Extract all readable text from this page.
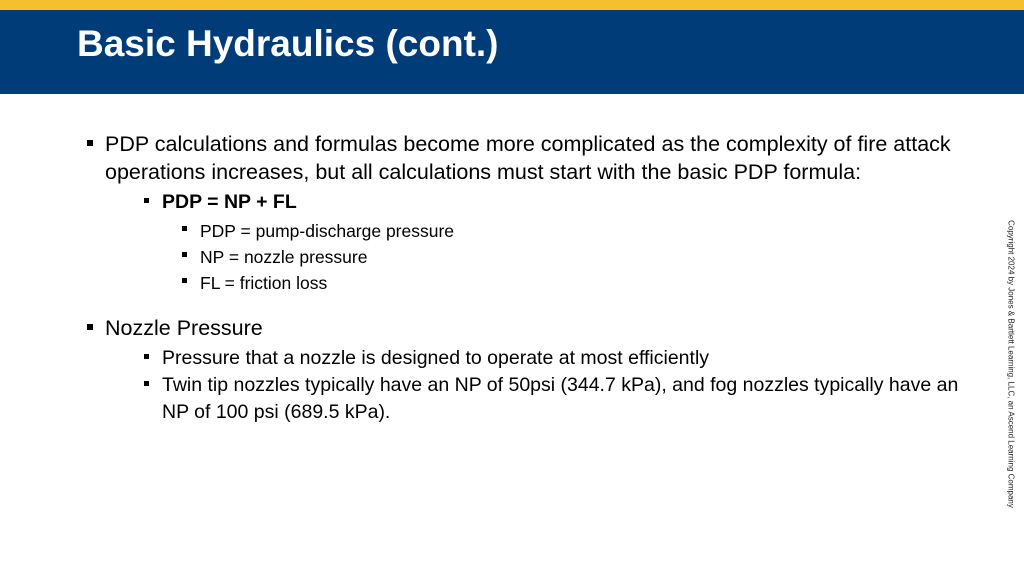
Basic Hydraulics (cont.)
PDP calculations and formulas become more complicated as the complexity of fire attack operations increases, but all calculations must start with the basic PDP formula:
PDP = NP + FL
PDP = pump-discharge pressure
NP = nozzle pressure
FL = friction loss
Nozzle Pressure
Pressure that a nozzle is designed to operate at most efficiently
Twin tip nozzles typically have an NP of 50psi (344.7 kPa), and fog nozzles typically have an NP of 100 psi (689.5 kPa).	Copyright 2024 by Jones & Bartlett Learning, LLC, an Ascend Learning Company
